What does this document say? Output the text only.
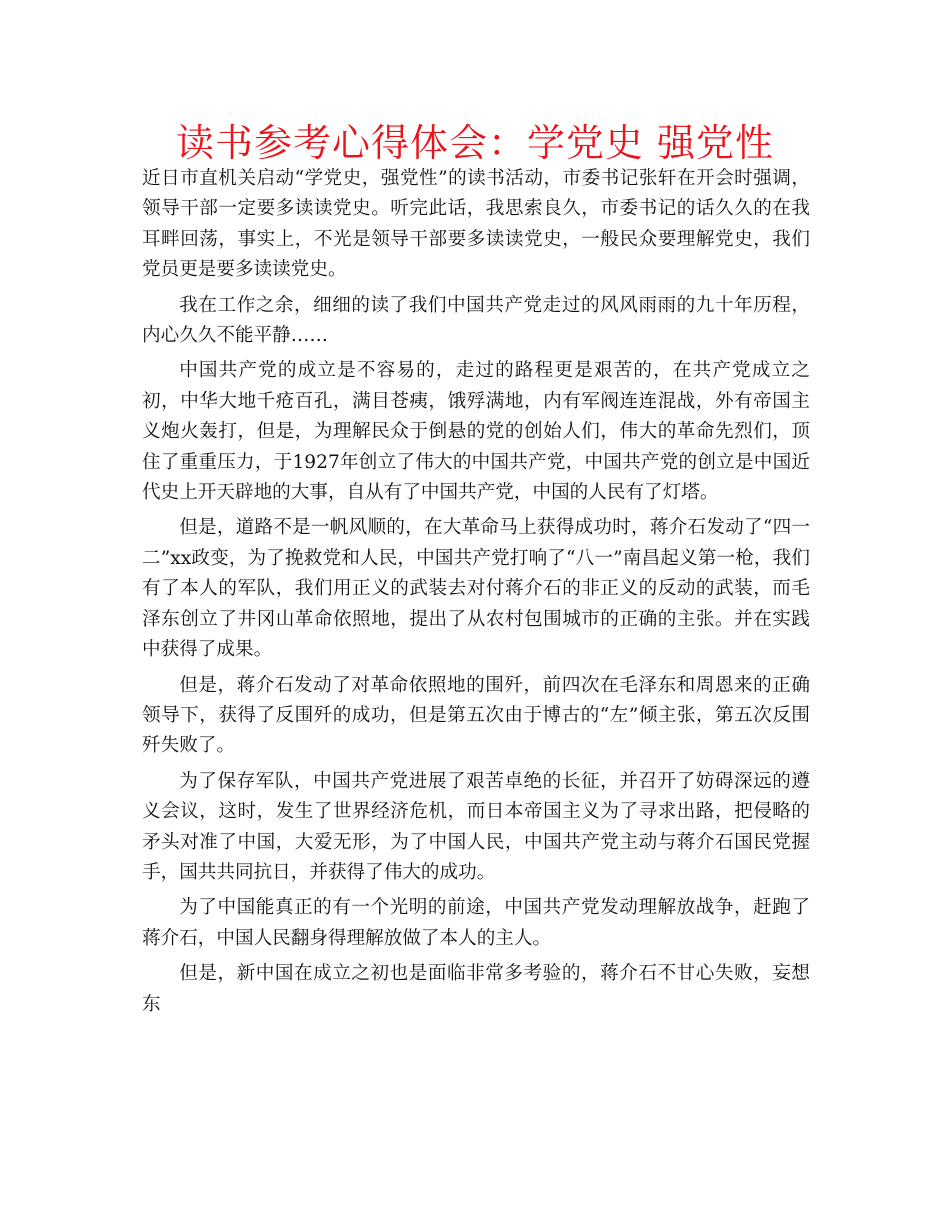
读书参考心得体会：学党史 强党性

近日市直机关启动“学党史，强党性”的读书活动，市委书记张轩在开会时强调，领导干部一定要多读读党史。听完此话，我思索良久，市委书记的话久久的在我耳畔回荡，事实上，不光是领导干部要多读读党史，一般民众要理解党史，我们党员更是要多读读党史。

我在工作之余，细细的读了我们中国共产党走过的风风雨雨的九十年历程，内心久久不能平静……

中国共产党的成立是不容易的，走过的路程更是艰苦的，在共产党成立之初，中华大地千疮百孔，满目苍痍，饿殍满地，内有军阀连连混战，外有帝国主义炮火轰打，但是，为理解民众于倒悬的党的创始人们，伟大的革命先烈们，顶住了重重压力，于1927年创立了伟大的中国共产党，中国共产党的创立是中国近代史上开天辟地的大事，自从有了中国共产党，中国的人民有了灯塔。

但是，道路不是一帆风顺的，在大革命马上获得成功时，蒋介石发动了“四一二”xx政变，为了挽救党和人民，中国共产党打响了“八一”南昌起义第一枪，我们有了本人的军队，我们用正义的武装去对付蒋介石的非正义的反动的武装，而毛泽东创立了井冈山革命依照地，提出了从农村包围城市的正确的主张。并在实践中获得了成果。

但是，蒋介石发动了对革命依照地的围歼，前四次在毛泽东和周恩来的正确领导下，获得了反围歼的成功，但是第五次由于博古的“左”倾主张，第五次反围歼失败了。

为了保存军队，中国共产党进展了艰苦卓绝的长征，并召开了妨碍深远的遵义会议，这时，发生了世界经济危机，而日本帝国主义为了寻求出路，把侵略的矛头对准了中国，大爱无形，为了中国人民，中国共产党主动与蒋介石国民党握手，国共共同抗日，并获得了伟大的成功。

为了中国能真正的有一个光明的前途，中国共产党发动理解放战争，赶跑了蒋介石，中国人民翻身得理解放做了本人的主人。

但是，新中国在成立之初也是面临非常多考验的，蒋介石不甘心失败，妄想东
